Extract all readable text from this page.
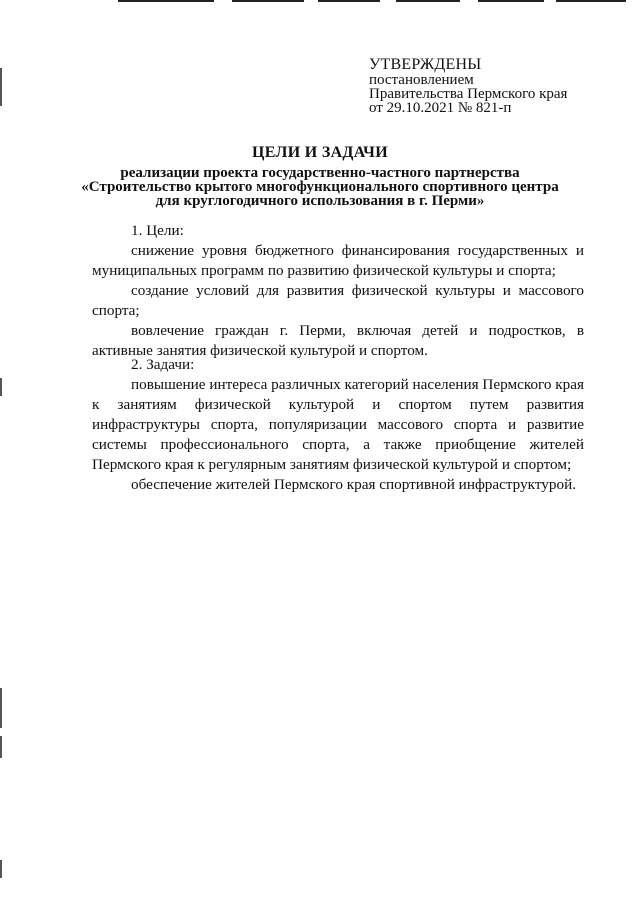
УТВЕРЖДЕНЫ
постановлением
Правительства Пермского края
от 29.10.2021 № 821-п
ЦЕЛИ И ЗАДАЧИ
реализации проекта государственно-частного партнерства
«Строительство крытого многофункционального спортивного центра
для круглогодичного использования в г. Перми»

1. Цели:

снижение уровня бюджетного финансирования государственных и муниципальных программ по развитию физической культуры и спорта;

создание условий для развития физической культуры и массового спорта;

вовлечение граждан г. Перми, включая детей и подростков, в активные занятия физической культурой и спортом.

2. Задачи:

повышение интереса различных категорий населения Пермского края к занятиям физической культурой и спортом путем развития инфраструктуры спорта, популяризации массового спорта и развитие системы профессионального спорта, а также приобщение жителей Пермского края к регулярным занятиям физической культурой и спортом;

обеспечение жителей Пермского края спортивной инфраструктурой.
